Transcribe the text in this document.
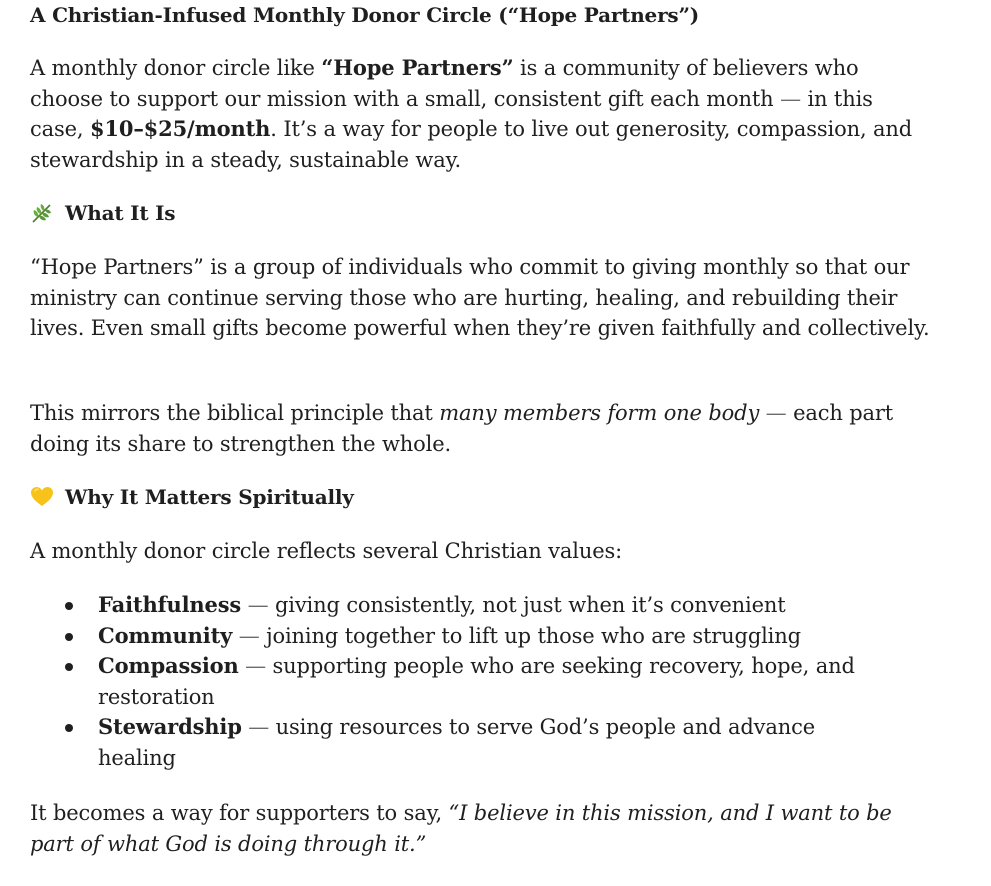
A Christian-Infused Monthly Donor Circle (“Hope Partners”)

A monthly donor circle like “Hope Partners” is a community of believers who choose to support our mission with a small, consistent gift each month — in this case, $10–$25/month. It’s a way for people to live out generosity, compassion, and stewardship in a steady, sustainable way.

What It Is

“Hope Partners” is a group of individuals who commit to giving monthly so that our ministry can continue serving those who are hurting, healing, and rebuilding their lives. Even small gifts become powerful when they’re given faithfully and collectively.

This mirrors the biblical principle that many members form one body — each part doing its share to strengthen the whole.

Why It Matters Spiritually

A monthly donor circle reflects several Christian values:

Faithfulness — giving consistently, not just when it’s convenient
Community — joining together to lift up those who are struggling
Compassion — supporting people who are seeking recovery, hope, and restoration
Stewardship — using resources to serve God’s people and advance healing

It becomes a way for supporters to say, “I believe in this mission, and I want to be part of what God is doing through it.”
